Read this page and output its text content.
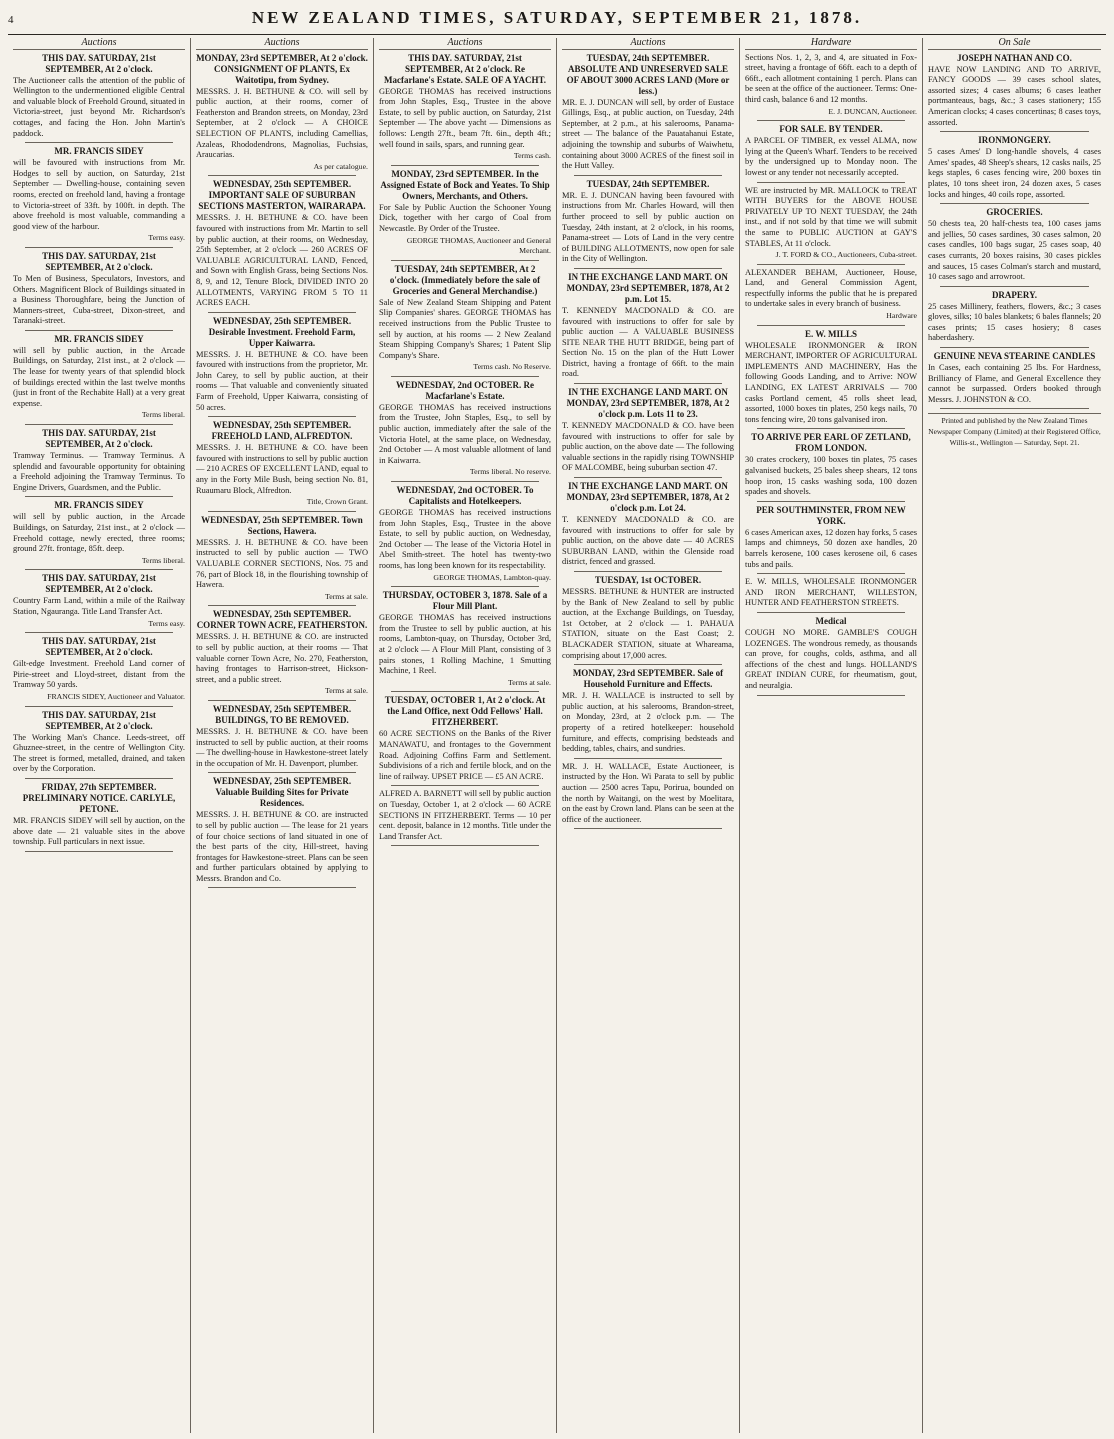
4	NEW ZEALAND TIMES, SATURDAY, SEPTEMBER 21, 1878.
Auctions
THIS DAY. SATURDAY, 21st SEPTEMBER, At 2 o'clock.
The Auctioneer calls the attention of the public of Wellington to the undermentioned eligible Central and valuable block of Freehold Ground, situated in Victoria-street, just beyond Mr. Richardson's cottages, and facing the Hon. John Martin's paddock.
MR. FRANCIS SIDEY
will be favoured with instructions from Mr. Hodges to sell by auction, on Saturday, 21st September — Dwelling-house, containing seven rooms, erected on freehold land, having a frontage to Victoria-street of 33ft. by 100ft. in depth. The above freehold is most valuable, commanding a good view of the harbour.
Terms easy.
THIS DAY. SATURDAY, 21st SEPTEMBER, At 2 o'clock.
To Men of Business, Speculators, Investors, and Others. Magnificent Block of Buildings situated in a Business Thoroughfare, being the Junction of Manners-street, Cuba-street, Dixon-street, and Taranaki-street.
MR. FRANCIS SIDEY
will sell by public auction, in the Arcade Buildings, on Saturday, 21st inst., at 2 o'clock — The lease for twenty years of that splendid block of buildings erected within the last twelve months (just in front of the Rechabite Hall) at a very great expense.
Terms liberal.
THIS DAY. SATURDAY, 21st SEPTEMBER, At 2 o'clock.
Tramway Terminus. — Tramway Terminus. A splendid and favourable opportunity for obtaining a Freehold adjoining the Tramway Terminus. To Engine Drivers, Guardsmen, and the Public.
MR. FRANCIS SIDEY
will sell by public auction, in the Arcade Buildings, on Saturday, 21st inst., at 2 o'clock — Freehold cottage, newly erected, three rooms; ground 27ft. frontage, 85ft. deep.
Terms liberal.
THIS DAY. SATURDAY, 21st SEPTEMBER, At 2 o'clock.
Country Farm Land, within a mile of the Railway Station, Ngauranga. Title Land Transfer Act.
Terms easy.
THIS DAY. SATURDAY, 21st SEPTEMBER, At 2 o'clock.
Gilt-edge Investment. Freehold Land corner of Pirie-street and Lloyd-street, distant from the Tramway 50 yards.
FRANCIS SIDEY, Auctioneer and Valuator.
THIS DAY. SATURDAY, 21st SEPTEMBER, At 2 o'clock.
The Working Man's Chance. Leeds-street, off Ghuznee-street, in the centre of Wellington City. The street is formed, metalled, drained, and taken over by the Corporation.
FRIDAY, 27th SEPTEMBER. PRELIMINARY NOTICE. CARLYLE, PETONE.
MR. FRANCIS SIDEY will sell by auction, on the above date — 21 valuable sites in the above township. Full particulars in next issue.
Auctions
MONDAY, 23rd SEPTEMBER, At 2 o'clock. CONSIGNMENT OF PLANTS, Ex Waitotipu, from Sydney.
MESSRS. J. H. BETHUNE & CO. will sell by public auction, at their rooms, corner of Featherston and Brandon streets, on Monday, 23rd September, at 2 o'clock — A CHOICE SELECTION OF PLANTS, including Camellias, Azaleas, Rhododendrons, Magnolias, Fuchsias, Araucarias.
As per catalogue.
WEDNESDAY, 25th SEPTEMBER. IMPORTANT SALE OF SUBURBAN SECTIONS MASTERTON, WAIRARAPA.
MESSRS. J. H. BETHUNE & CO. have been favoured with instructions from Mr. Martin to sell by public auction, at their rooms, on Wednesday, 25th September, at 2 o'clock — 260 ACRES OF VALUABLE AGRICULTURAL LAND, Fenced, and Sown with English Grass, being Sections Nos. 8, 9, and 12, Tenure Block, DIVIDED INTO 20 ALLOTMENTS, VARYING FROM 5 TO 11 ACRES EACH.
WEDNESDAY, 25th SEPTEMBER. Desirable Investment. Freehold Farm, Upper Kaiwarra.
MESSRS. J. H. BETHUNE & CO. have been favoured with instructions from the proprietor, Mr. John Carey, to sell by public auction, at their rooms — That valuable and conveniently situated Farm of Freehold, Upper Kaiwarra, consisting of 50 acres.
WEDNESDAY, 25th SEPTEMBER. FREEHOLD LAND, ALFREDTON.
MESSRS. J. H. BETHUNE & CO. have been favoured with instructions to sell by public auction — 210 ACRES OF EXCELLENT LAND, equal to any in the Forty Mile Bush, being section No. 81, Ruaumaru Block, Alfredton.
Title, Crown Grant.
WEDNESDAY, 25th SEPTEMBER. Town Sections, Hawera.
MESSRS. J. H. BETHUNE & CO. have been instructed to sell by public auction — TWO VALUABLE CORNER SECTIONS, Nos. 75 and 76, part of Block 18, in the flourishing township of Hawera.
Terms at sale.
WEDNESDAY, 25th SEPTEMBER. CORNER TOWN ACRE, FEATHERSTON.
MESSRS. J. H. BETHUNE & CO. are instructed to sell by public auction, at their rooms — That valuable corner Town Acre, No. 270, Featherston, having frontages to Harrison-street, Hickson-street, and a public street.
Terms at sale.
WEDNESDAY, 25th SEPTEMBER. BUILDINGS, TO BE REMOVED.
MESSRS. J. H. BETHUNE & CO. have been instructed to sell by public auction, at their rooms — The dwelling-house in Hawkestone-street lately in the occupation of Mr. H. Davenport, plumber.
WEDNESDAY, 25th SEPTEMBER. Valuable Building Sites for Private Residences.
MESSRS. J. H. BETHUNE & CO. are instructed to sell by public auction — The lease for 21 years of four choice sections of land situated in one of the best parts of the city, Hill-street, having frontages for Hawkestone-street. Plans can be seen and further particulars obtained by applying to Messrs. Brandon and Co.
Auctions
THIS DAY. SATURDAY, 21st SEPTEMBER, At 2 o'clock. Re Macfarlane's Estate. SALE OF A YACHT.
GEORGE THOMAS has received instructions from John Staples, Esq., Trustee in the above Estate, to sell by public auction, on Saturday, 21st September — The above yacht — Dimensions as follows: Length 27ft., beam 7ft. 6in., depth 4ft.; well found in sails, spars, and running gear.
Terms cash.
MONDAY, 23rd SEPTEMBER. In the Assigned Estate of Bock and Yeates. To Ship Owners, Merchants, and Others.
For Sale by Public Auction the Schooner Young Dick, together with her cargo of Coal from Newcastle. By Order of the Trustee.
GEORGE THOMAS, Auctioneer and General Merchant.
TUESDAY, 24th SEPTEMBER, At 2 o'clock. (Immediately before the sale of Groceries and General Merchandise.)
Sale of New Zealand Steam Shipping and Patent Slip Companies' shares. GEORGE THOMAS has received instructions from the Public Trustee to sell by auction, at his rooms — 2 New Zealand Steam Shipping Company's Shares; 1 Patent Slip Company's Share.
Terms cash. No Reserve.
WEDNESDAY, 2nd OCTOBER. Re Macfarlane's Estate.
GEORGE THOMAS has received instructions from the Trustee, John Staples, Esq., to sell by public auction, immediately after the sale of the Victoria Hotel, at the same place, on Wednesday, 2nd October — A most valuable allotment of land in Kaiwarra.
Terms liberal. No reserve.
WEDNESDAY, 2nd OCTOBER. To Capitalists and Hotelkeepers.
GEORGE THOMAS has received instructions from John Staples, Esq., Trustee in the above Estate, to sell by public auction, on Wednesday, 2nd October — The lease of the Victoria Hotel in Abel Smith-street. The hotel has twenty-two rooms, has long been known for its respectability.
GEORGE THOMAS, Lambton-quay.
THURSDAY, OCTOBER 3, 1878. Sale of a Flour Mill Plant.
GEORGE THOMAS has received instructions from the Trustee to sell by public auction, at his rooms, Lambton-quay, on Thursday, October 3rd, at 2 o'clock — A Flour Mill Plant, consisting of 3 pairs stones, 1 Rolling Machine, 1 Smutting Machine, 1 Reel.
Terms at sale.
TUESDAY, OCTOBER 1, At 2 o'clock. At the Land Office, next Odd Fellows' Hall. FITZHERBERT.
60 ACRE SECTIONS on the Banks of the River MANAWATU, and frontages to the Government Road. Adjoining Coffins Farm and Settlement. Subdivisions of a rich and fertile block, and on the line of railway. UPSET PRICE — £5 AN ACRE.
ALFRED A. BARNETT will sell by public auction on Tuesday, October 1, at 2 o'clock — 60 ACRE SECTIONS IN FITZHERBERT. Terms — 10 per cent. deposit, balance in 12 months. Title under the Land Transfer Act.
Auctions
TUESDAY, 24th SEPTEMBER. ABSOLUTE AND UNRESERVED SALE OF ABOUT 3000 ACRES LAND (More or less.)
MR. E. J. DUNCAN will sell, by order of Eustace Gillings, Esq., at public auction, on Tuesday, 24th September, at 2 p.m., at his salerooms, Panama-street — The balance of the Pauatahanui Estate, adjoining the township and suburbs of Waiwhetu, containing about 3000 ACRES of the finest soil in the Hutt Valley.
TUESDAY, 24th SEPTEMBER.
MR. E. J. DUNCAN having been favoured with instructions from Mr. Charles Howard, will then further proceed to sell by public auction on Tuesday, 24th instant, at 2 o'clock, in his rooms, Panama-street — Lots of Land in the very centre of BUILDING ALLOTMENTS, now open for sale in the City of Wellington.
IN THE EXCHANGE LAND MART. ON MONDAY, 23rd SEPTEMBER, 1878, At 2 p.m. Lot 15.
T. KENNEDY MACDONALD & CO. are favoured with instructions to offer for sale by public auction — A VALUABLE BUSINESS SITE NEAR THE HUTT BRIDGE, being part of Section No. 15 on the plan of the Hutt Lower District, having a frontage of 66ft. to the main road.
IN THE EXCHANGE LAND MART. ON MONDAY, 23rd SEPTEMBER, 1878, At 2 o'clock p.m. Lots 11 to 23.
T. KENNEDY MACDONALD & CO. have been favoured with instructions to offer for sale by public auction, on the above date — The following valuable sections in the rapidly rising TOWNSHIP OF MALCOMBE, being suburban section 47.
IN THE EXCHANGE LAND MART. ON MONDAY, 23rd SEPTEMBER, 1878, At 2 o'clock p.m. Lot 24.
T. KENNEDY MACDONALD & CO. are favoured with instructions to offer for sale by public auction, on the above date — 40 ACRES SUBURBAN LAND, within the Glenside road district, fenced and grassed.
TUESDAY, 1st OCTOBER.
MESSRS. BETHUNE & HUNTER are instructed by the Bank of New Zealand to sell by public auction, at the Exchange Buildings, on Tuesday, 1st October, at 2 o'clock — 1. PAHAUA STATION, situate on the East Coast; 2. BLACKADER STATION, situate at Whareama, comprising about 17,000 acres.
MONDAY, 23rd SEPTEMBER. Sale of Household Furniture and Effects.
MR. J. H. WALLACE is instructed to sell by public auction, at his salerooms, Brandon-street, on Monday, 23rd, at 2 o'clock p.m. — The property of a retired hotelkeeper: household furniture, and effects, comprising bedsteads and bedding, tables, chairs, and sundries.
MR. J. H. WALLACE, Estate Auctioneer, is instructed by the Hon. Wi Parata to sell by public auction — 2500 acres Tapu, Porirua, bounded on the north by Waitangi, on the west by Moelitara, on the east by Crown land. Plans can be seen at the office of the auctioneer.
Hardware
Sections Nos. 1, 2, 3, and 4, are situated in Fox-street, having a frontage of 66ft. each to a depth of 66ft., each allotment containing 1 perch. Plans can be seen at the office of the auctioneer. Terms: One-third cash, balance 6 and 12 months.
E. J. DUNCAN, Auctioneer.
FOR SALE. BY TENDER.
A PARCEL OF TIMBER, ex vessel ALMA, now lying at the Queen's Wharf. Tenders to be received by the undersigned up to Monday noon. The lowest or any tender not necessarily accepted.
WE are instructed by MR. MALLOCK to TREAT WITH BUYERS for the ABOVE HOUSE PRIVATELY UP TO NEXT TUESDAY, the 24th inst., and if not sold by that time we will submit the same to PUBLIC AUCTION at GAY'S STABLES, At 11 o'clock.
J. T. FORD & CO., Auctioneers, Cuba-street.
ALEXANDER BEHAM, Auctioneer, House, Land, and General Commission Agent, respectfully informs the public that he is prepared to undertake sales in every branch of business.
Hardware
E. W. MILLS
WHOLESALE IRONMONGER & IRON MERCHANT, IMPORTER OF AGRICULTURAL IMPLEMENTS AND MACHINERY, Has the following Goods Landing, and to Arrive: NOW LANDING, EX LATEST ARRIVALS — 700 casks Portland cement, 45 rolls sheet lead, assorted, 1000 boxes tin plates, 250 kegs nails, 70 tons fencing wire, 20 tons galvanised iron.
TO ARRIVE PER EARL OF ZETLAND, FROM LONDON.
30 crates crockery, 100 boxes tin plates, 75 cases galvanised buckets, 25 bales sheep shears, 12 tons hoop iron, 15 casks washing soda, 100 dozen spades and shovels.
PER SOUTHMINSTER, FROM NEW YORK.
6 cases American axes, 12 dozen hay forks, 5 cases lamps and chimneys, 50 dozen axe handles, 20 barrels kerosene, 100 cases kerosene oil, 6 cases tubs and pails.
E. W. MILLS, WHOLESALE IRONMONGER AND IRON MERCHANT, WILLESTON, HUNTER AND FEATHERSTON STREETS.
Medical
COUGH NO MORE. GAMBLE'S COUGH LOZENGES. The wondrous remedy, as thousands can prove, for coughs, colds, asthma, and all affections of the chest and lungs. HOLLAND'S GREAT INDIAN CURE, for rheumatism, gout, and neuralgia.
On Sale
JOSEPH NATHAN AND CO.
HAVE NOW LANDING AND TO ARRIVE, FANCY GOODS — 39 cases school slates, assorted sizes; 4 cases albums; 6 cases leather portmanteaus, bags, &c.; 3 cases stationery; 155 American clocks; 4 cases concertinas; 8 cases toys, assorted.
IRONMONGERY.
5 cases Ames' D long-handle shovels, 4 cases Ames' spades, 48 Sheep's shears, 12 casks nails, 25 kegs staples, 6 cases fencing wire, 200 boxes tin plates, 10 tons sheet iron, 24 dozen axes, 5 cases locks and hinges, 40 coils rope, assorted.
GROCERIES.
50 chests tea, 20 half-chests tea, 100 cases jams and jellies, 50 cases sardines, 30 cases salmon, 20 cases candles, 100 bags sugar, 25 cases soap, 40 cases currants, 20 boxes raisins, 30 cases pickles and sauces, 15 cases Colman's starch and mustard, 10 cases sago and arrowroot.
DRAPERY.
25 cases Millinery, feathers, flowers, &c.; 3 cases gloves, silks; 10 bales blankets; 6 bales flannels; 20 cases prints; 15 cases hosiery; 8 cases haberdashery.
GENUINE NEVA STEARINE CANDLES
In Cases, each containing 25 lbs. For Hardness, Brilliancy of Flame, and General Excellence they cannot be surpassed. Orders booked through Messrs. J. JOHNSTON & CO.
Printed and published by the New Zealand Times Newspaper Company (Limited) at their Registered Office, Willis-st., Wellington — Saturday, Sept. 21.
